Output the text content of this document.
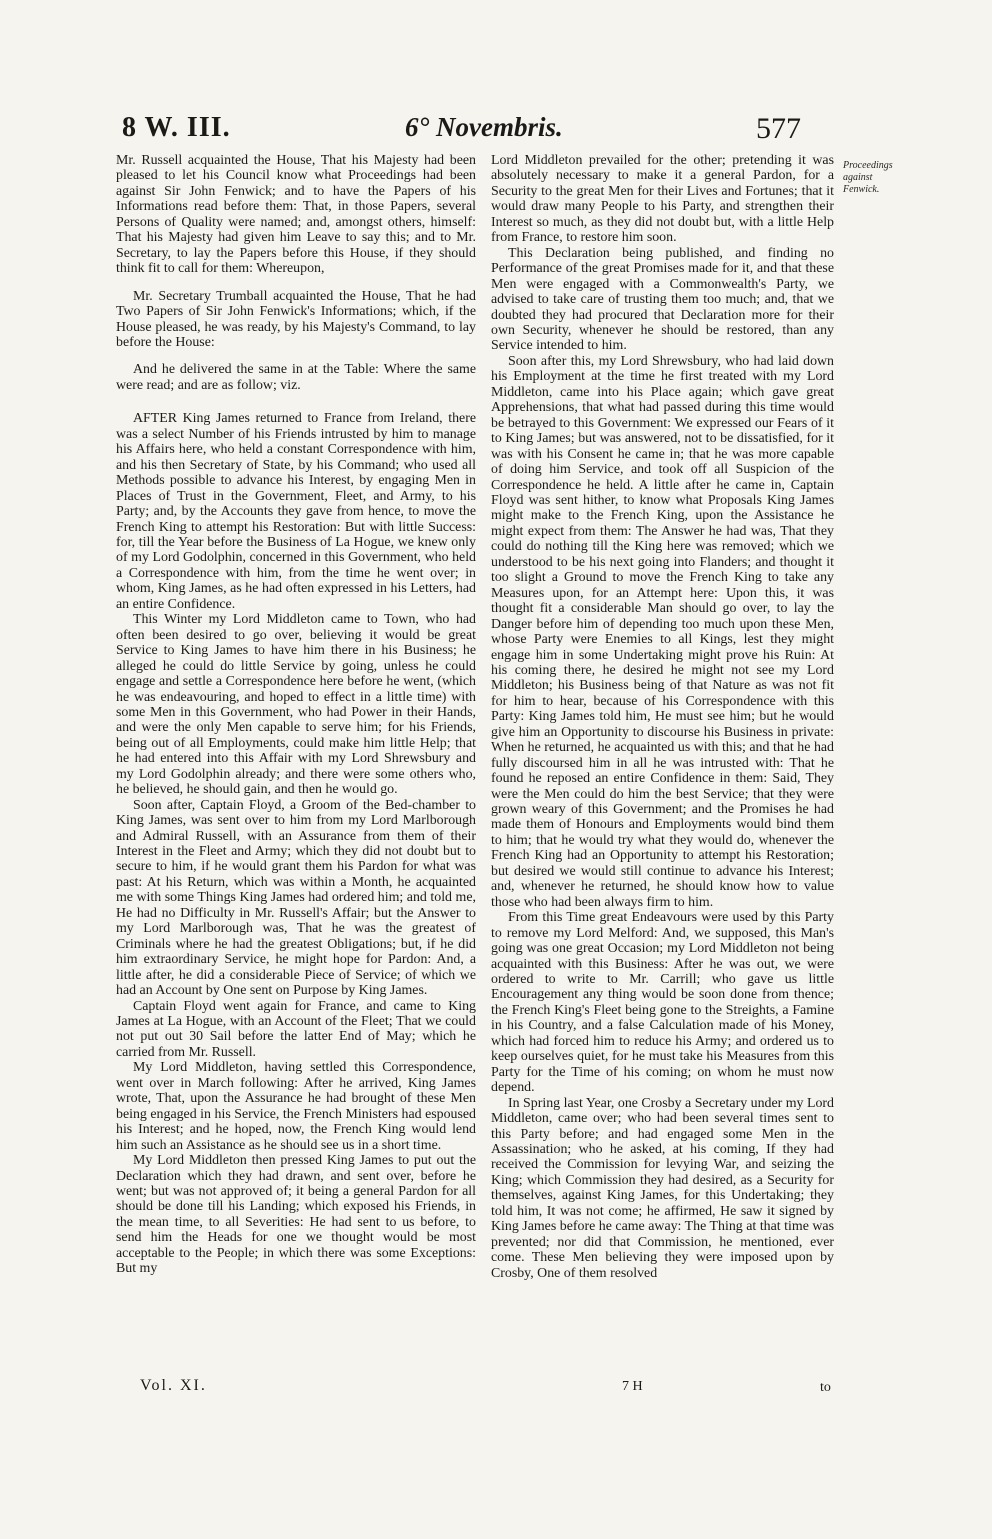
8 W. III.	6° Novembris.	577

Mr. Russell acquainted the House, That his Majesty had been pleased to let his Council know what Proceedings had been against Sir John Fenwick; and to have the Papers of his Informations read before them: That, in those Papers, several Persons of Quality were named; and, amongst others, himself: That his Majesty had given him Leave to say this; and to Mr. Secretary, to lay the Papers before this House, if they should think fit to call for them: Whereupon,

Mr. Secretary Trumball acquainted the House, That he had Two Papers of Sir John Fenwick's Informations; which, if the House pleased, he was ready, by his Majesty's Command, to lay before the House:

And he delivered the same in at the Table: Where the same were read; and are as follow; viz.

AFTER King James returned to France from Ireland, there was a select Number of his Friends intrusted by him to manage his Affairs here, who held a constant Correspondence with him, and his then Secretary of State, by his Command; who used all Methods possible to advance his Interest, by engaging Men in Places of Trust in the Government, Fleet, and Army, to his Party; and, by the Accounts they gave from hence, to move the French King to attempt his Restoration: But with little Success: for, till the Year before the Business of La Hogue, we knew only of my Lord Godolphin, concerned in this Government, who held a Correspondence with him, from the time he went over; in whom, King James, as he had often expressed in his Letters, had an entire Confidence.

This Winter my Lord Middleton came to Town, who had often been desired to go over, believing it would be great Service to King James to have him there in his Business; he alleged he could do little Service by going, unless he could engage and settle a Correspondence here before he went, (which he was endeavouring, and hoped to effect in a little time) with some Men in this Government, who had Power in their Hands, and were the only Men capable to serve him; for his Friends, being out of all Employments, could make him little Help; that he had entered into this Affair with my Lord Shrewsbury and my Lord Godolphin already; and there were some others who, he believed, he should gain, and then he would go.

Soon after, Captain Floyd, a Groom of the Bed-chamber to King James, was sent over to him from my Lord Marlborough and Admiral Russell, with an Assurance from them of their Interest in the Fleet and Army; which they did not doubt but to secure to him, if he would grant them his Pardon for what was past: At his Return, which was within a Month, he acquainted me with some Things King James had ordered him; and told me, He had no Difficulty in Mr. Russell's Affair; but the Answer to my Lord Marlborough was, That he was the greatest of Criminals where he had the greatest Obligations; but, if he did him extraordinary Service, he might hope for Pardon: And, a little after, he did a considerable Piece of Service; of which we had an Account by One sent on Purpose by King James.

Captain Floyd went again for France, and came to King James at La Hogue, with an Account of the Fleet; That we could not put out 30 Sail before the latter End of May; which he carried from Mr. Russell.

My Lord Middleton, having settled this Correspondence, went over in March following: After he arrived, King James wrote, That, upon the Assurance he had brought of these Men being engaged in his Service, the French Ministers had espoused his Interest; and he hoped, now, the French King would lend him such an Assistance as he should see us in a short time.

My Lord Middleton then pressed King James to put out the Declaration which they had drawn, and sent over, before he went; but was not approved of; it being a general Pardon for all should be done till his Landing; which exposed his Friends, in the mean time, to all Severities: He had sent to us before, to send him the Heads for one we thought would be most acceptable to the People; in which there was some Exceptions: But my

Lord Middleton prevailed for the other; pretending it was absolutely necessary to make it a general Pardon, for a Security to the great Men for their Lives and Fortunes; that it would draw many People to his Party, and strengthen their Interest so much, as they did not doubt but, with a little Help from France, to restore him soon.

This Declaration being published, and finding no Performance of the great Promises made for it, and that these Men were engaged with a Commonwealth's Party, we advised to take care of trusting them too much; and, that we doubted they had procured that Declaration more for their own Security, whenever he should be restored, than any Service intended to him.

Soon after this, my Lord Shrewsbury, who had laid down his Employment at the time he first treated with my Lord Middleton, came into his Place again; which gave great Apprehensions, that what had passed during this time would be betrayed to this Government: We expressed our Fears of it to King James; but was answered, not to be dissatisfied, for it was with his Consent he came in; that he was more capable of doing him Service, and took off all Suspicion of the Correspondence he held. A little after he came in, Captain Floyd was sent hither, to know what Proposals King James might make to the French King, upon the Assistance he might expect from them: The Answer he had was, That they could do nothing till the King here was removed; which we understood to be his next going into Flanders; and thought it too slight a Ground to move the French King to take any Measures upon, for an Attempt here: Upon this, it was thought fit a considerable Man should go over, to lay the Danger before him of depending too much upon these Men, whose Party were Enemies to all Kings, lest they might engage him in some Undertaking might prove his Ruin: At his coming there, he desired he might not see my Lord Middleton; his Business being of that Nature as was not fit for him to hear, because of his Correspondence with this Party: King James told him, He must see him; but he would give him an Opportunity to discourse his Business in private: When he returned, he acquainted us with this; and that he had fully discoursed him in all he was intrusted with: That he found he reposed an entire Confidence in them: Said, They were the Men could do him the best Service; that they were grown weary of this Government; and the Promises he had made them of Honours and Employments would bind them to him; that he would try what they would do, whenever the French King had an Opportunity to attempt his Restoration; but desired we would still continue to advance his Interest; and, whenever he returned, he should know how to value those who had been always firm to him.

From this Time great Endeavours were used by this Party to remove my Lord Melford: And, we supposed, this Man's going was one great Occasion; my Lord Middleton not being acquainted with this Business: After he was out, we were ordered to write to Mr. Carrill; who gave us little Encouragement any thing would be soon done from thence; the French King's Fleet being gone to the Streights, a Famine in his Country, and a false Calculation made of his Money, which had forced him to reduce his Army; and ordered us to keep ourselves quiet, for he must take his Measures from this Party for the Time of his coming; on whom he must now depend.

In Spring last Year, one Crosby a Secretary under my Lord Middleton, came over; who had been several times sent to this Party before; and had engaged some Men in the Assassination; who he asked, at his coming, If they had received the Commission for levying War, and seizing the King; which Commission they had desired, as a Security for themselves, against King James, for this Undertaking; they told him, It was not come; he affirmed, He saw it signed by King James before he came away: The Thing at that time was prevented; nor did that Commission, he mentioned, ever come. These Men believing they were imposed upon by Crosby, One of them resolved

Proceedings against Fenwick.
Vol. XI.	7 H	to
